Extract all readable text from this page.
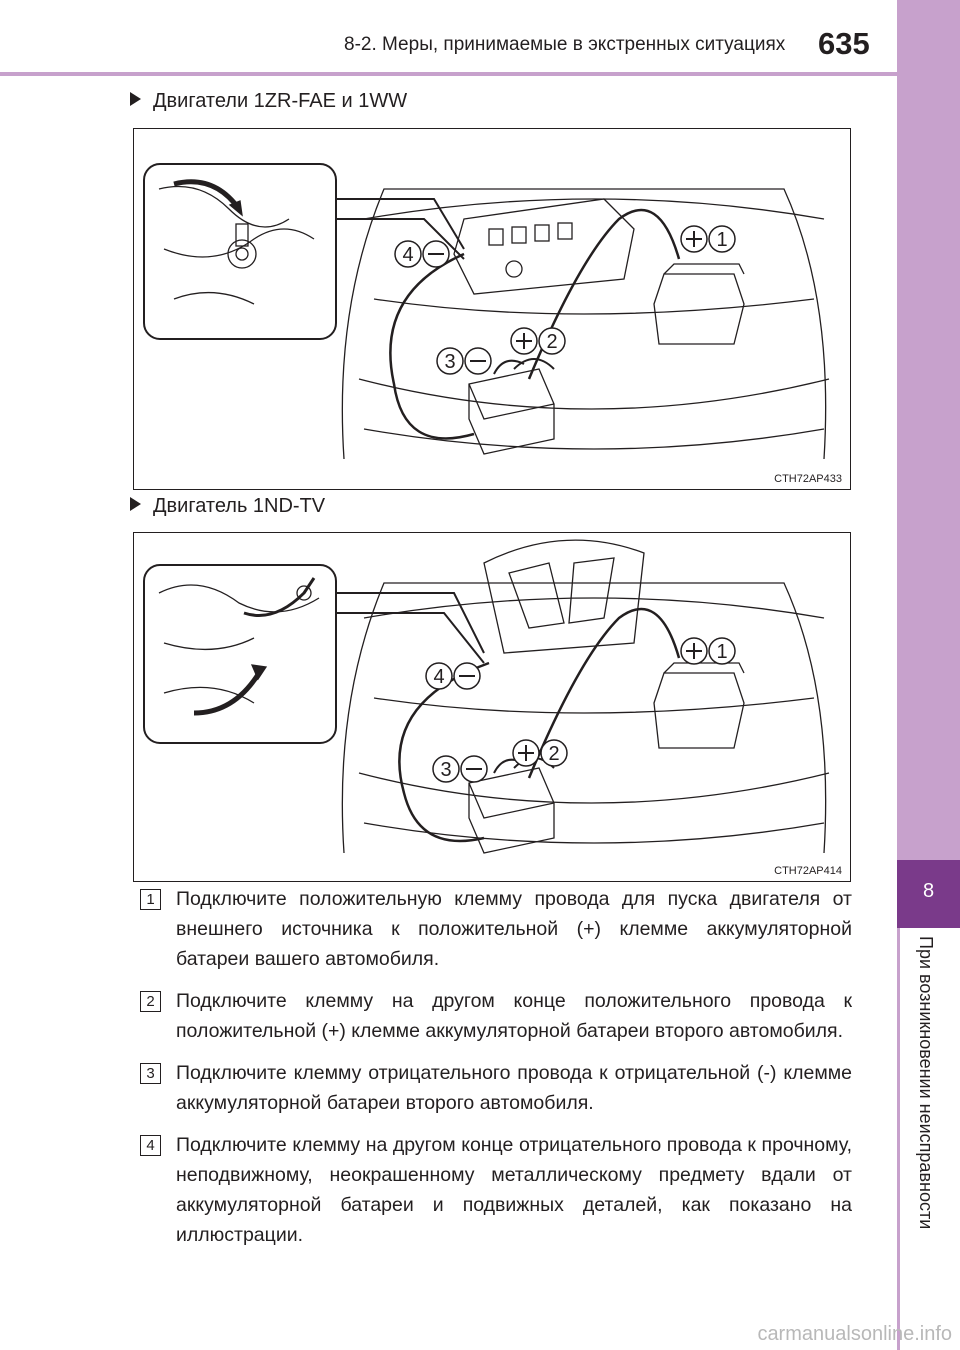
8-2. Меры, принимаемые в экстренных ситуациях 635
8
При возникновении неисправности
Двигатели 1ZR-FAE и 1WW
4
1
2
3
CTH72AP433
Двигатель 1ND-TV
4
1
2
3
CTH72AP414
1	Подключите положительную клемму провода для пуска двигателя от внешнего источника к положительной (+) клемме аккумуляторной батареи вашего автомобиля.
2	Подключите клемму на другом конце положительного провода к положительной (+) клемме аккумуляторной батареи второго автомобиля.
3	Подключите клемму отрицательного провода к отрицательной (-) клемме аккумуляторной батареи второго автомобиля.
4	Подключите клемму на другом конце отрицательного провода к прочному, неподвижному, неокрашенному металлическому предмету вдали от аккумуляторной батареи и подвижных деталей, как показано на иллюстрации.
carmanualsonline.info
